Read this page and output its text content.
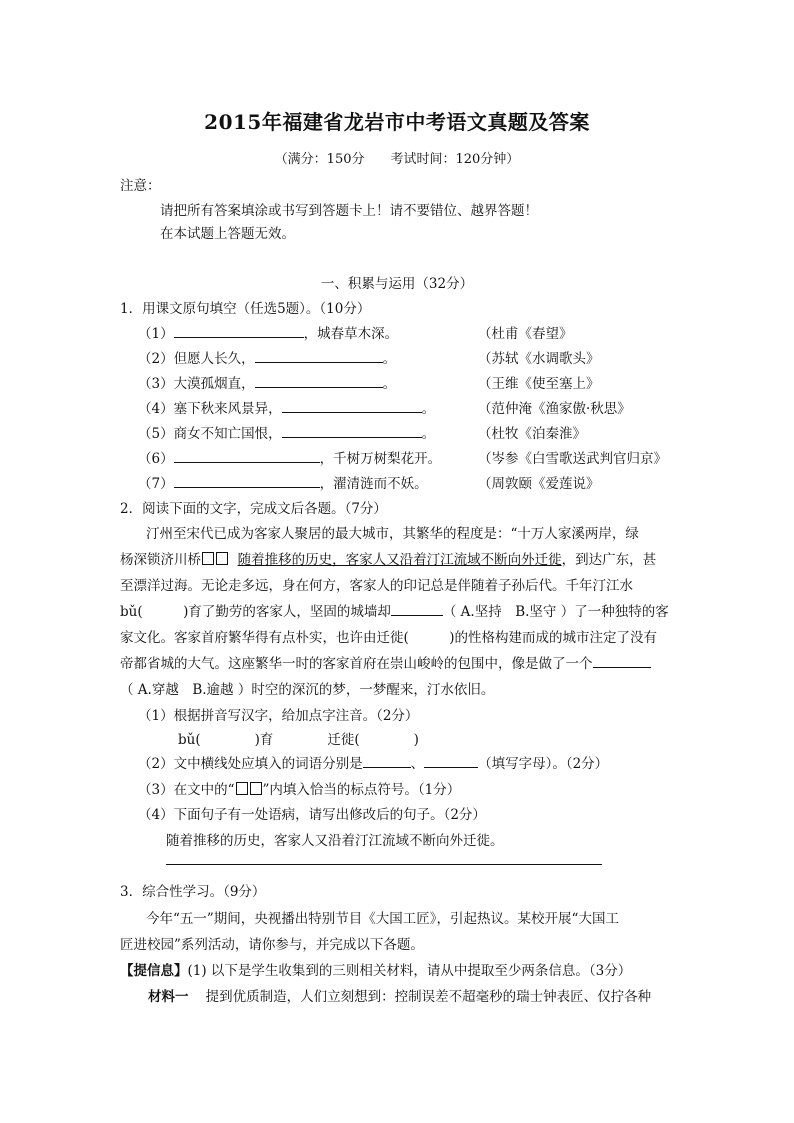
2015年福建省龙岩市中考语文真题及答案
（满分：150分　　考试时间：120分钟）
注意：
请把所有答案填涂或书写到答题卡上！请不要错位、越界答题！
在本试题上答题无效。
一、积累与运用（32分）
1．用课文原句填空（任选5题）。（10分）
（1）	，城春草木深。	（杜甫《春望》
（2）但愿人长久，	。	（苏轼《水调歌头》
（3）大漠孤烟直，	。	（王维《使至塞上》
（4）塞下秋来风景异，	。	（范仲淹《渔家傲·秋思》
（5）商女不知亡国恨，	。	（杜牧《泊秦淮》
（6）	，千树万树梨花开。	（岑参《白雪歌送武判官归京》
（7）	，濯清涟而不妖。	（周敦颐《爱莲说》
2．阅读下面的文字，完成文后各题。（7分）
汀州至宋代已成为客家人聚居的最大城市，其繁华的程度是：“十万人家溪两岸，绿
杨深锁济川桥	随着推移的历史，客家人又沿着汀江流域不断向外迁徙，到达广东，甚
至漂洋过海。无论走多远，身在何方，客家人的印记总是伴随着子孙后代。千年汀江水
bǔ(　　　)育了勤劳的客家人，坚固的城墙却	（ A.坚持　B.坚守 ）了一种独特的客
家文化。客家首府繁华得有点朴实，也许由迁徙(　　　)的性格构建而成的城市注定了没有
帝都省城的大气。这座繁华一时的客家首府在崇山峻岭的包围中，像是做了一个
（ A.穿越　B.逾越 ）时空的深沉的梦，一梦醒来，汀水依旧。
（1）根据拼音写汉字，给加点字注音。（2分）
bǔ(　　　　)育　　　　迁徙(　　　　)
（2）文中横线处应填入的词语分别是	、	（填写字母）。（2分）
（3）在文中的“ ”内填入恰当的标点符号。（1分）
（4）下面句子有一处语病，请写出修改后的句子。（2分）
随着推移的历史，客家人又沿着汀江流域不断向外迁徙。
3．综合性学习。（9分）
今年“五一”期间，央视播出特别节目《大国工匠》，引起热议。某校开展“大国工
匠进校园”系列活动，请你参与，并完成以下各题。
【提信息】(1) 以下是学生收集到的三则相关材料，请从中提取至少两条信息。（3分）
材料一 提到优质制造，人们立刻想到：控制误差不超毫秒的瑞士钟表匠、仅拧各种
